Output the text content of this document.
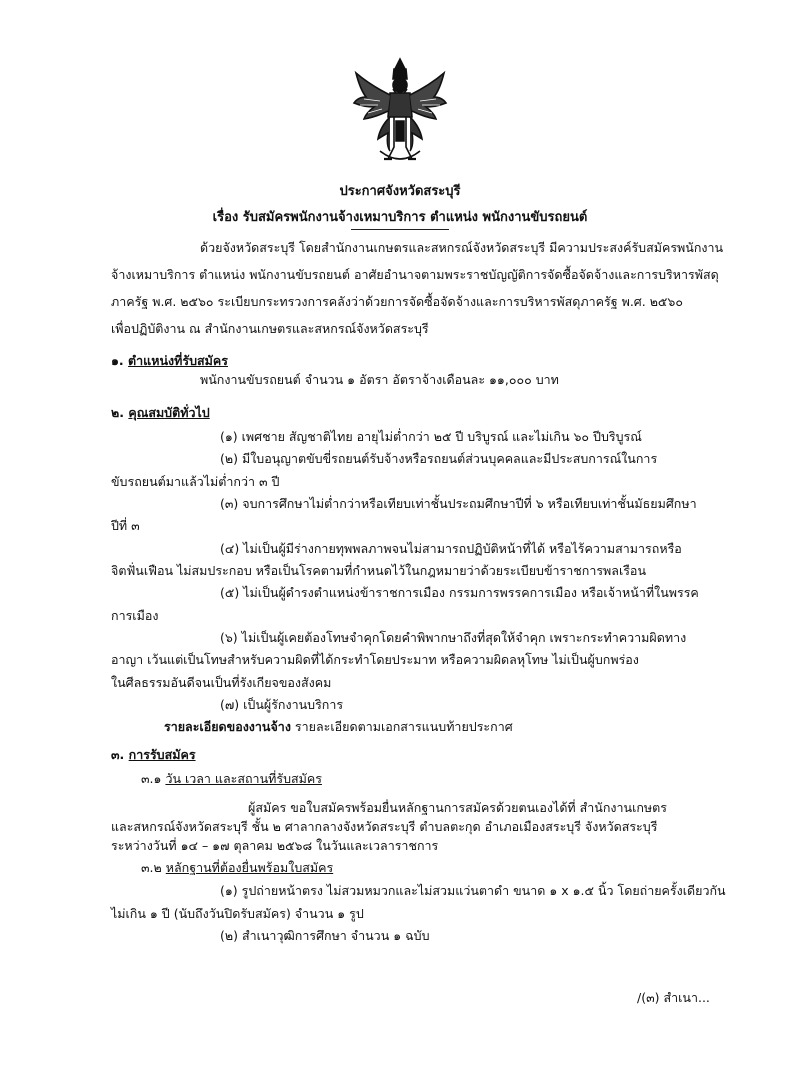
ประกาศจังหวัดสระบุรี
เรื่อง รับสมัครพนักงานจ้างเหมาบริการ ตำแหน่ง พนักงานขับรถยนต์
ด้วยจังหวัดสระบุรี โดยสำนักงานเกษตรและสหกรณ์จังหวัดสระบุรี มีความประสงค์รับสมัครพนักงาน
จ้างเหมาบริการ ตำแหน่ง พนักงานขับรถยนต์ อาศัยอำนาจตามพระราชบัญญัติการจัดซื้อจัดจ้างและการบริหารพัสดุ
ภาครัฐ พ.ศ. ๒๕๖๐ ระเบียบกระทรวงการคลังว่าด้วยการจัดซื้อจัดจ้างและการบริหารพัสดุภาครัฐ พ.ศ. ๒๕๖๐
เพื่อปฏิบัติงาน ณ สำนักงานเกษตรและสหกรณ์จังหวัดสระบุรี
๑. ตำแหน่งที่รับสมัคร
พนักงานขับรถยนต์ จำนวน ๑ อัตรา อัตราจ้างเดือนละ ๑๑,๐๐๐ บาท
๒. คุณสมบัติทั่วไป
(๑) เพศชาย สัญชาติไทย อายุไม่ต่ำกว่า ๒๕ ปี บริบูรณ์ และไม่เกิน ๖๐ ปีบริบูรณ์
(๒) มีใบอนุญาตขับขี่รถยนต์รับจ้างหรือรถยนต์ส่วนบุคคลและมีประสบการณ์ในการ
ขับรถยนต์มาแล้วไม่ต่ำกว่า ๓ ปี
(๓) จบการศึกษาไม่ต่ำกว่าหรือเทียบเท่าชั้นประถมศึกษาปีที่ ๖ หรือเทียบเท่าชั้นมัธยมศึกษา
ปีที่ ๓
(๔) ไม่เป็นผู้มีร่างกายทุพพลภาพจนไม่สามารถปฏิบัติหน้าที่ได้ หรือไร้ความสามารถหรือ
จิตฟั่นเฟือน ไม่สมประกอบ หรือเป็นโรคตามที่กำหนดไว้ในกฎหมายว่าด้วยระเบียบข้าราชการพลเรือน
(๕) ไม่เป็นผู้ดำรงตำแหน่งข้าราชการเมือง กรรมการพรรคการเมือง หรือเจ้าหน้าที่ในพรรค
การเมือง
(๖) ไม่เป็นผู้เคยต้องโทษจำคุกโดยคำพิพากษาถึงที่สุดให้จำคุก เพราะกระทำความผิดทาง
อาญา เว้นแต่เป็นโทษสำหรับความผิดที่ได้กระทำโดยประมาท หรือความผิดลหุโทษ ไม่เป็นผู้บกพร่อง
ในศีลธรรมอันดีจนเป็นที่รังเกียจของสังคม
(๗) เป็นผู้รักงานบริการ
รายละเอียดของงานจ้าง รายละเอียดตามเอกสารแนบท้ายประกาศ
๓. การรับสมัคร
๓.๑ วัน เวลา และสถานที่รับสมัคร
ผู้สมัคร ขอใบสมัครพร้อมยื่นหลักฐานการสมัครด้วยตนเองได้ที่ สำนักงานเกษตร
และสหกรณ์จังหวัดสระบุรี ชั้น ๒ ศาลากลางจังหวัดสระบุรี ตำบลตะกุด อำเภอเมืองสระบุรี จังหวัดสระบุรี
ระหว่างวันที่ ๑๔ – ๑๗ ตุลาคม ๒๕๖๘ ในวันและเวลาราชการ
๓.๒ หลักฐานที่ต้องยื่นพร้อมใบสมัคร
(๑) รูปถ่ายหน้าตรง ไม่สวมหมวกและไม่สวมแว่นตาดำ ขนาด ๑ x ๑.๕ นิ้ว โดยถ่ายครั้งเดียวกัน
ไม่เกิน ๑ ปี (นับถึงวันปิดรับสมัคร) จำนวน ๑ รูป
(๒) สำเนาวุฒิการศึกษา จำนวน ๑ ฉบับ
/(๓) สำเนา...
